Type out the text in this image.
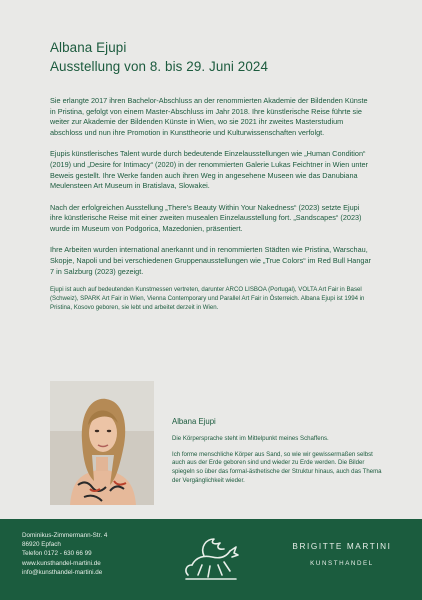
Albana Ejupi
Ausstellung von 8. bis 29. Juni 2024

Sie erlangte 2017 ihren Bachelor-Abschluss an der renommierten Akademie der Bildenden Künste in Pristina, gefolgt von einem Master-Abschluss im Jahr 2018. Ihre künstlerische Reise führte sie weiter zur Akademie der Bildenden Künste in Wien, wo sie 2021 ihr zweites Masterstudium abschloss und nun ihre Promotion in Kunsttheorie und Kulturwissenschaften verfolgt.

Ejupis künstlerisches Talent wurde durch bedeutende Einzelausstellungen wie „Human Condition“ (2019) und „Desire for Intimacy“ (2020) in der renommierten Galerie Lukas Feichtner in Wien unter Beweis gestellt. Ihre Werke fanden auch ihren Weg in angesehene Museen wie das Danubiana Meulensteen Art Museum in Bratislava, Slowakei.

Nach der erfolgreichen Ausstellung „There’s Beauty Within Your Nakedness“ (2023) setzte Ejupi ihre künstlerische Reise mit einer zweiten musealen Einzelausstellung fort. „Sandscapes“ (2023) wurde im Museum von Podgorica, Mazedonien, präsentiert.

Ihre Arbeiten wurden international anerkannt und in renommierten Städten wie Pristina, Warschau, Skopje, Napoli und bei verschiedenen Gruppenausstellungen wie „True Colors“ im Red Bull Hangar 7 in Salzburg (2023) gezeigt.

Ejupi ist auch auf bedeutenden Kunstmessen vertreten, darunter ARCO LISBOA (Portugal), VOLTA Art Fair in Basel (Schweiz), SPARK Art Fair in Wien, Vienna Contemporary und Parallel Art Fair in Österreich. Albana Ejupi ist 1994 in Pristina, Kosovo geboren, sie lebt und arbeitet derzeit in Wien.

Albana Ejupi

Die Körpersprache steht im Mittelpunkt meines Schaffens.

Ich forme menschliche Körper aus Sand, so wie wir gewissermaßen selbst auch aus der Erde geboren sind und wieder zu Erde werden. Die Bilder spiegeln so über das formal-ästhetische der Struktur hinaus, auch das Thema der Vergänglichkeit wieder.

Dominikus-Zimmermann-Str. 4
86920 Epfach
Telefon 0172 - 630 66 99
www.kunsthandel-martini.de
info@kunsthandel-martini.de
BRIGITTE MARTINI
KUNSTHANDEL
